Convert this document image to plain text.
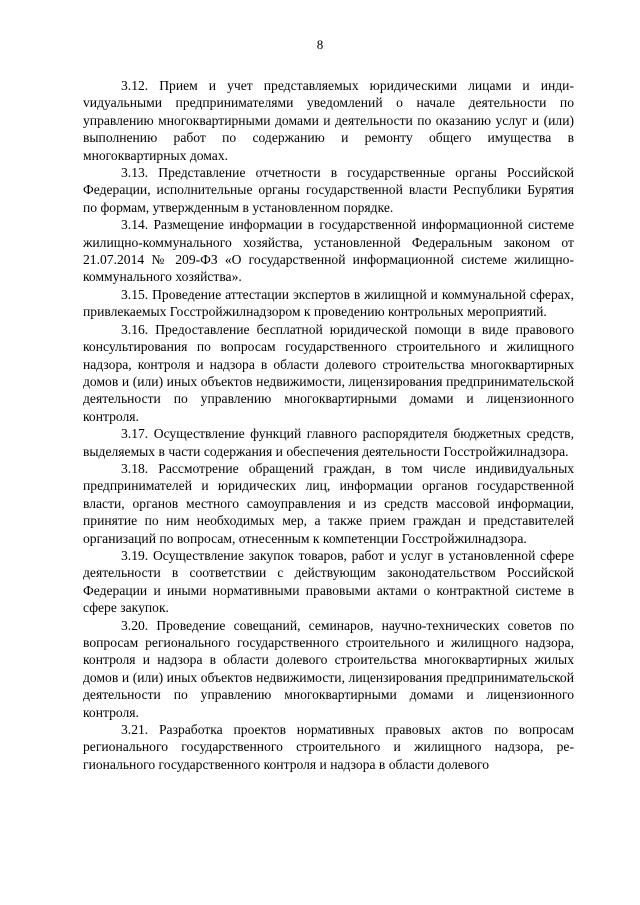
8

3.12. Прием и учет представляемых юридическими лицами и индиvидуальными предпринимателями уведомлений о начале деятельности по управлению многоквартирными домами и деятельности по оказанию услуг и (или) выполнению работ по содержанию и ремонту общего имущества в многоквартирных домах.

3.13. Представление отчетности в государственные органы Российской Федерации, исполнительные органы государственной власти Республики Бурятия по формам, утвержденным в установленном порядке.

3.14. Размещение информации в государственной информационной системе жилищно-коммунального хозяйства, установленной Федеральным законом от 21.07.2014 № 209-ФЗ «О государственной информационной системе жилищно-коммунального хозяйства».

3.15. Проведение аттестации экспертов в жилищной и коммунальной сферах, привлекаемых Госстройжилнадзором к проведению контрольных мероприятий.

3.16. Предоставление бесплатной юридической помощи в виде правового консультирования по вопросам государственного строительного и жилищного надзора, контроля и надзора в области долевого строительства многоквартирных домов и (или) иных объектов недвижимости, лицензирования предпринимательской деятельности по управлению многоквартирными домами и лицензионного контроля.

3.17. Осуществление функций главного распорядителя бюджетных средств, выделяемых в части содержания и обеспечения деятельности Госстройжилнадзора.

3.18. Рассмотрение обращений граждан, в том числе индивидуальных предпринимателей и юридических лиц, информации органов государственной власти, органов местного самоуправления и из средств массовой информации, принятие по ним необходимых мер, а также прием граждан и представителей организаций по вопросам, отнесенным к компетенции Госстройжилнадзора.

3.19. Осуществление закупок товаров, работ и услуг в установленной сфере деятельности в соответствии с действующим законодательством Российской Федерации и иными нормативными правовыми актами о контрактной системе в сфере закупок.

3.20. Проведение совещаний, семинаров, научно-технических советов по вопросам регионального государственного строительного и жилищного надзора, контроля и надзора в области долевого строительства многоквартирных жилых домов и (или) иных объектов недвижимости, лицензирования предпринимательской деятельности по управлению многоквартирными домами и лицензионного контроля.

3.21. Разработка проектов нормативных правовых актов по вопросам регионального государственного строительного и жилищного надзора, регионального государственного контроля и надзора в области долевого
